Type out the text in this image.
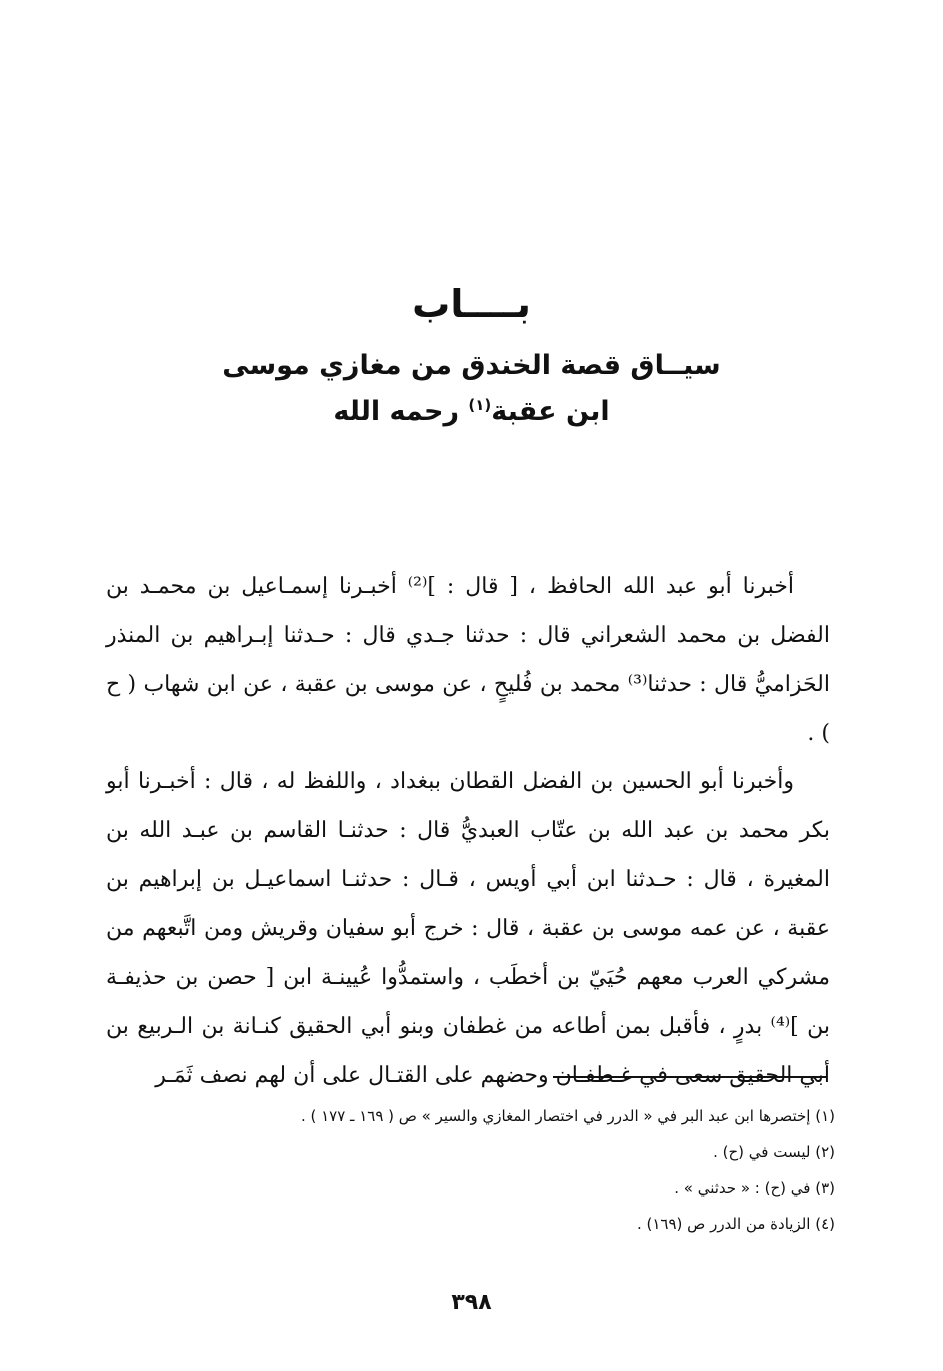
بــــاب
سيــاق قصة الخندق من مغازي موسى
ابن عقبة$^{(١)}$ رحمه الله

أخبرنا أبو عبد الله الحافظ ، [ قال : ]⁽²⁾ أخبـرنا إسمـاعيل بن محمـد بن الفضل بن محمد الشعراني قال : حدثنا جـدي قال : حـدثنا إبـراهيم بن المنذر الحَزاميُّ قال : حدثنا⁽³⁾ محمد بن فُليحٍ ، عن موسى بن عقبة ، عن ابن شهاب ( ح ) .

وأخبرنا أبو الحسين بن الفضل القطان ببغداد ، واللفظ له ، قال : أخبـرنا أبو بكر محمد بن عبد الله بن عتّاب العبديُّ قال : حدثنـا القاسم بن عبـد الله بن المغيرة ، قال : حـدثنا ابن أبي أويس ، قـال : حدثنـا اسماعيـل بن إبراهيم بن عقبة ، عن عمه موسى بن عقبة ، قال : خرج أبو سفيان وقريش ومن اتَّبعهم من مشركي العرب معهم حُيَيّ بن أخطَب ، واستمدُّوا عُيينـة ابن [ حصن بن حذيفـة بن ]⁽⁴⁾ بدرٍ ، فأقبل بمن أطاعه من غطفان وبنو أبي الحقيق كنـانة بن الـربيع بن أبي الحقيق سعى في غـطفـان وحضهم على القتـال على أن لهم نصف ثَمَـر

(١) إختصرها ابن عبد البر في « الدرر في اختصار المغازي والسير » ص ( ١٦٩ ـ ١٧٧ ) .
(٢) ليست في (ح) .
(٣) في (ح) : « حدثني » .
(٤) الزيادة من الدرر ص (١٦٩) .
٣٩٨
